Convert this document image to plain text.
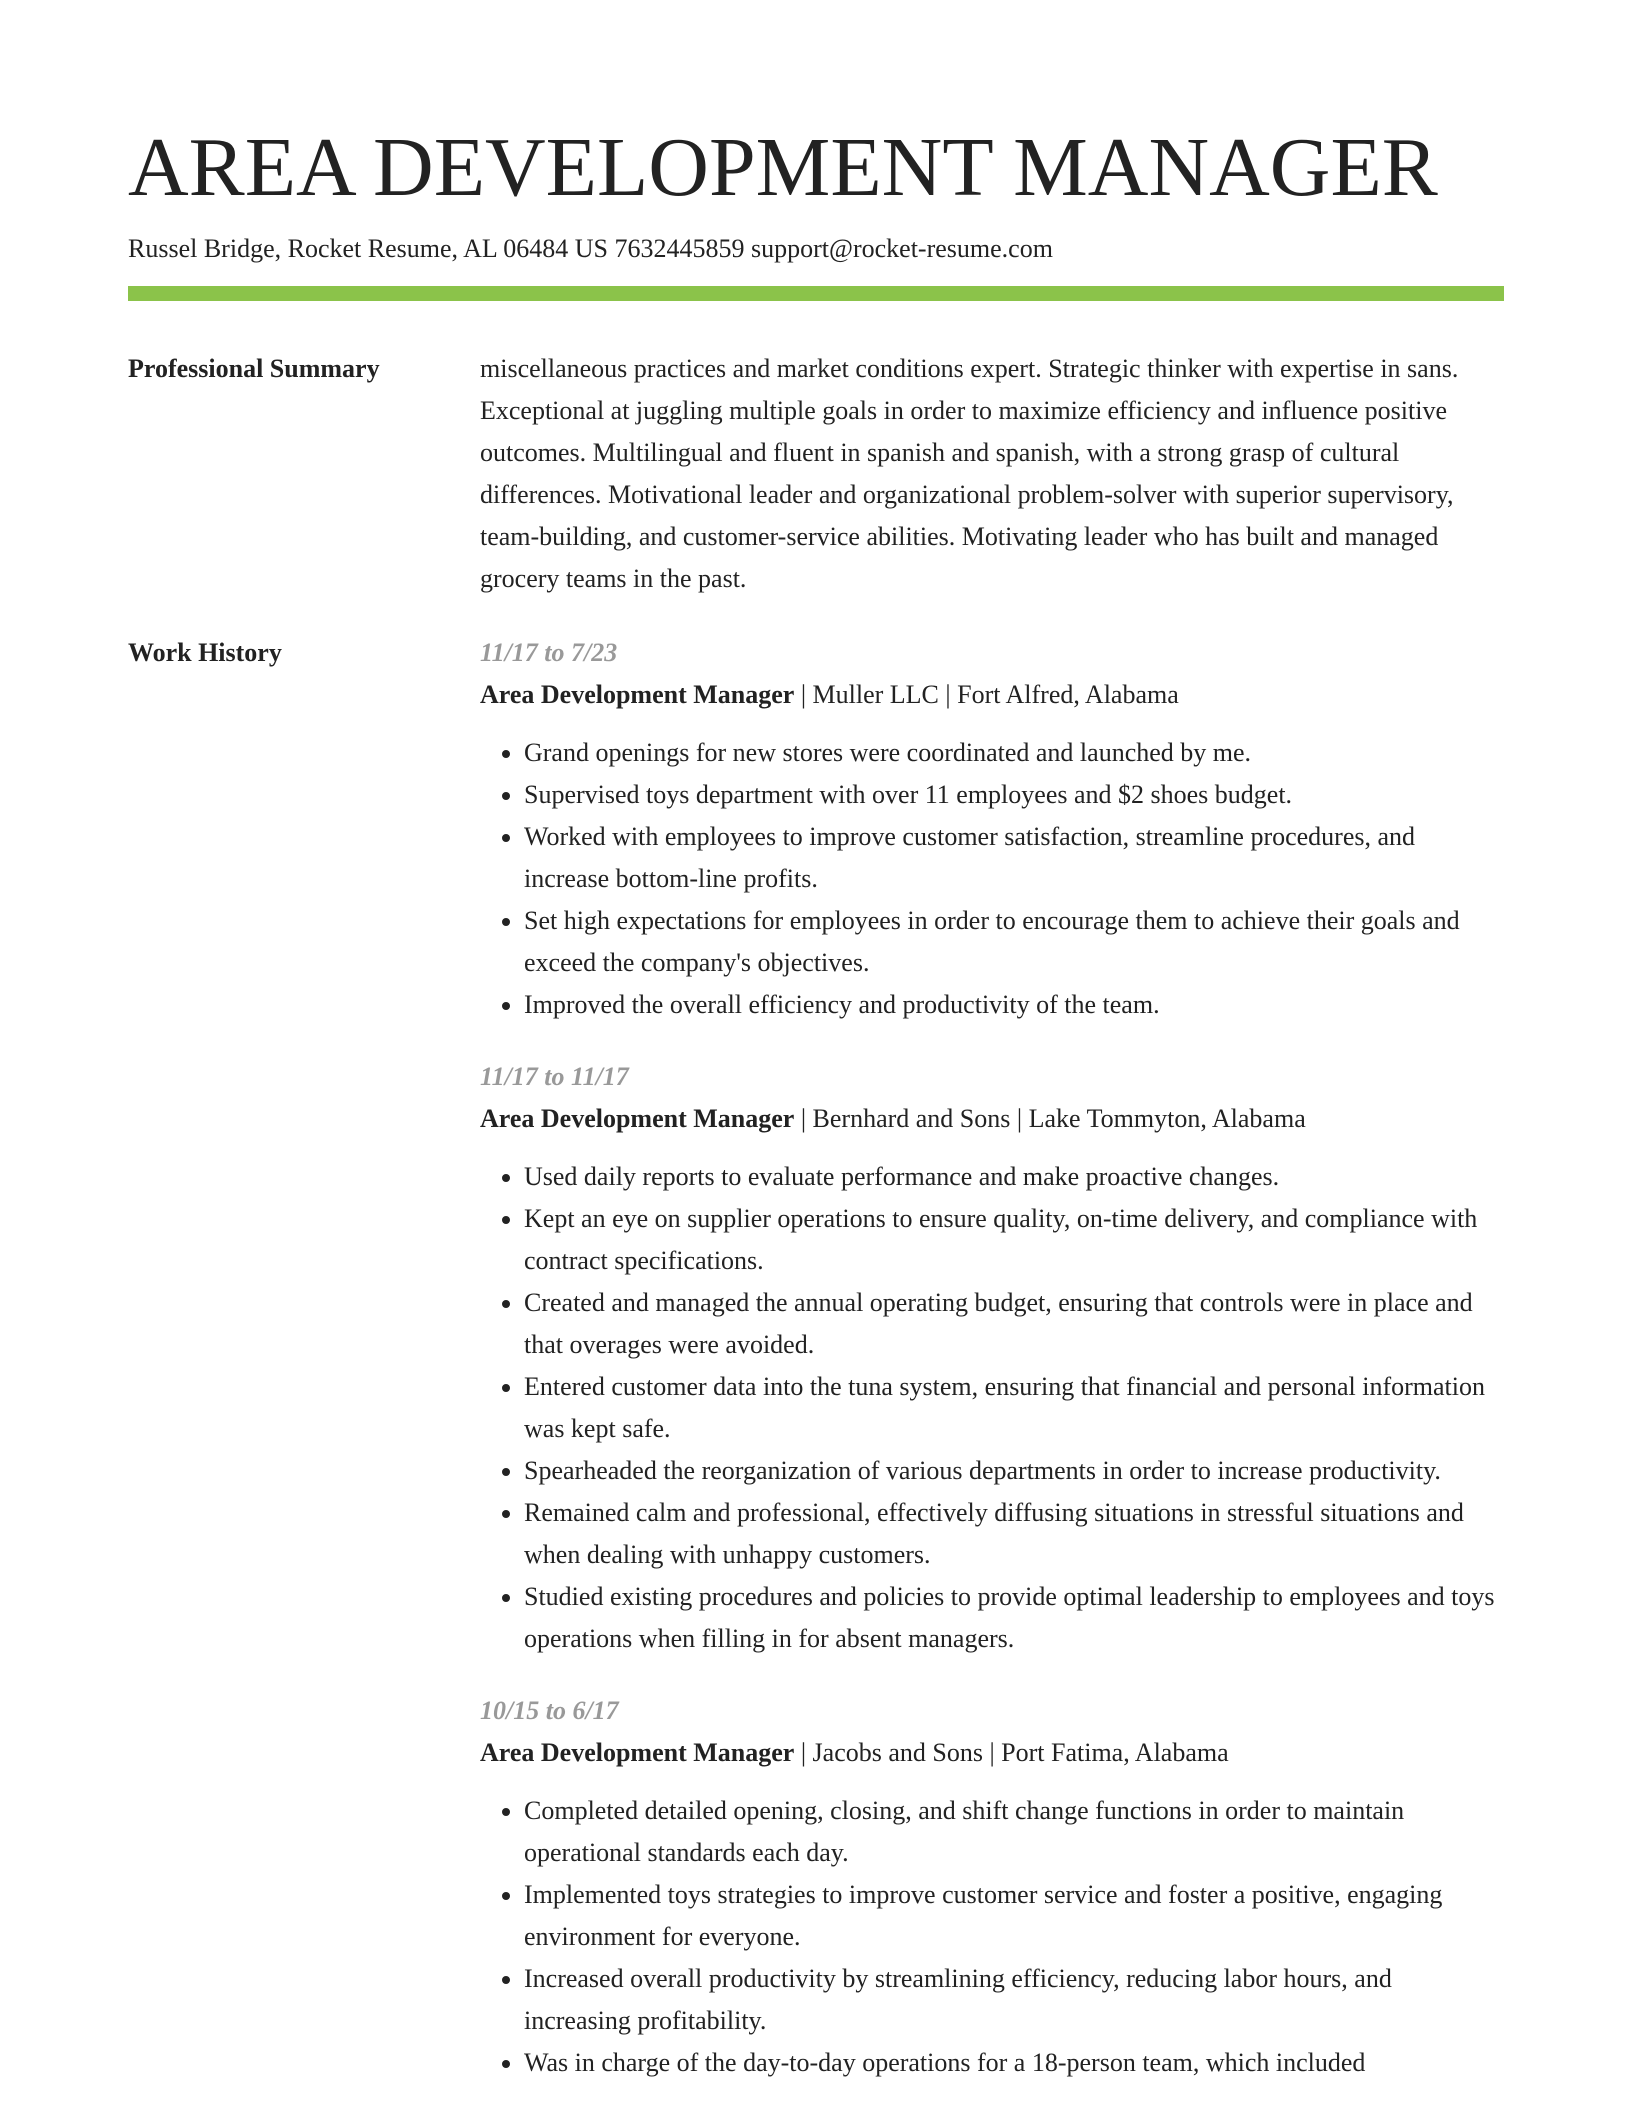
AREA DEVELOPMENT MANAGER
Russel Bridge, Rocket Resume, AL 06484 US 7632445859 support@rocket-resume.com
Professional Summary	miscellaneous practices and market conditions expert. Strategic thinker with expertise in sans. Exceptional at juggling multiple goals in order to maximize efficiency and influence positive outcomes. Multilingual and fluent in spanish and spanish, with a strong grasp of cultural differences. Motivational leader and organizational problem-solver with superior supervisory, team-building, and customer-service abilities. Motivating leader who has built and managed grocery teams in the past.

Work History	11/17 to 7/23
Area Development Manager | Muller LLC | Fort Alfred, Alabama
• Grand openings for new stores were coordinated and launched by me.
• Supervised toys department with over 11 employees and $2 shoes budget.
• Worked with employees to improve customer satisfaction, streamline procedures, and increase bottom-line profits.
• Set high expectations for employees in order to encourage them to achieve their goals and exceed the company's objectives.
• Improved the overall efficiency and productivity of the team.
11/17 to 11/17
Area Development Manager | Bernhard and Sons | Lake Tommyton, Alabama
• Used daily reports to evaluate performance and make proactive changes.
• Kept an eye on supplier operations to ensure quality, on-time delivery, and compliance with contract specifications.
• Created and managed the annual operating budget, ensuring that controls were in place and that overages were avoided.
• Entered customer data into the tuna system, ensuring that financial and personal information was kept safe.
• Spearheaded the reorganization of various departments in order to increase productivity.
• Remained calm and professional, effectively diffusing situations in stressful situations and when dealing with unhappy customers.
• Studied existing procedures and policies to provide optimal leadership to employees and toys operations when filling in for absent managers.
10/15 to 6/17
Area Development Manager | Jacobs and Sons | Port Fatima, Alabama
• Completed detailed opening, closing, and shift change functions in order to maintain operational standards each day.
• Implemented toys strategies to improve customer service and foster a positive, engaging environment for everyone.
• Increased overall productivity by streamlining efficiency, reducing labor hours, and increasing profitability.
• Was in charge of the day-to-day operations for a 18-person team, which included
